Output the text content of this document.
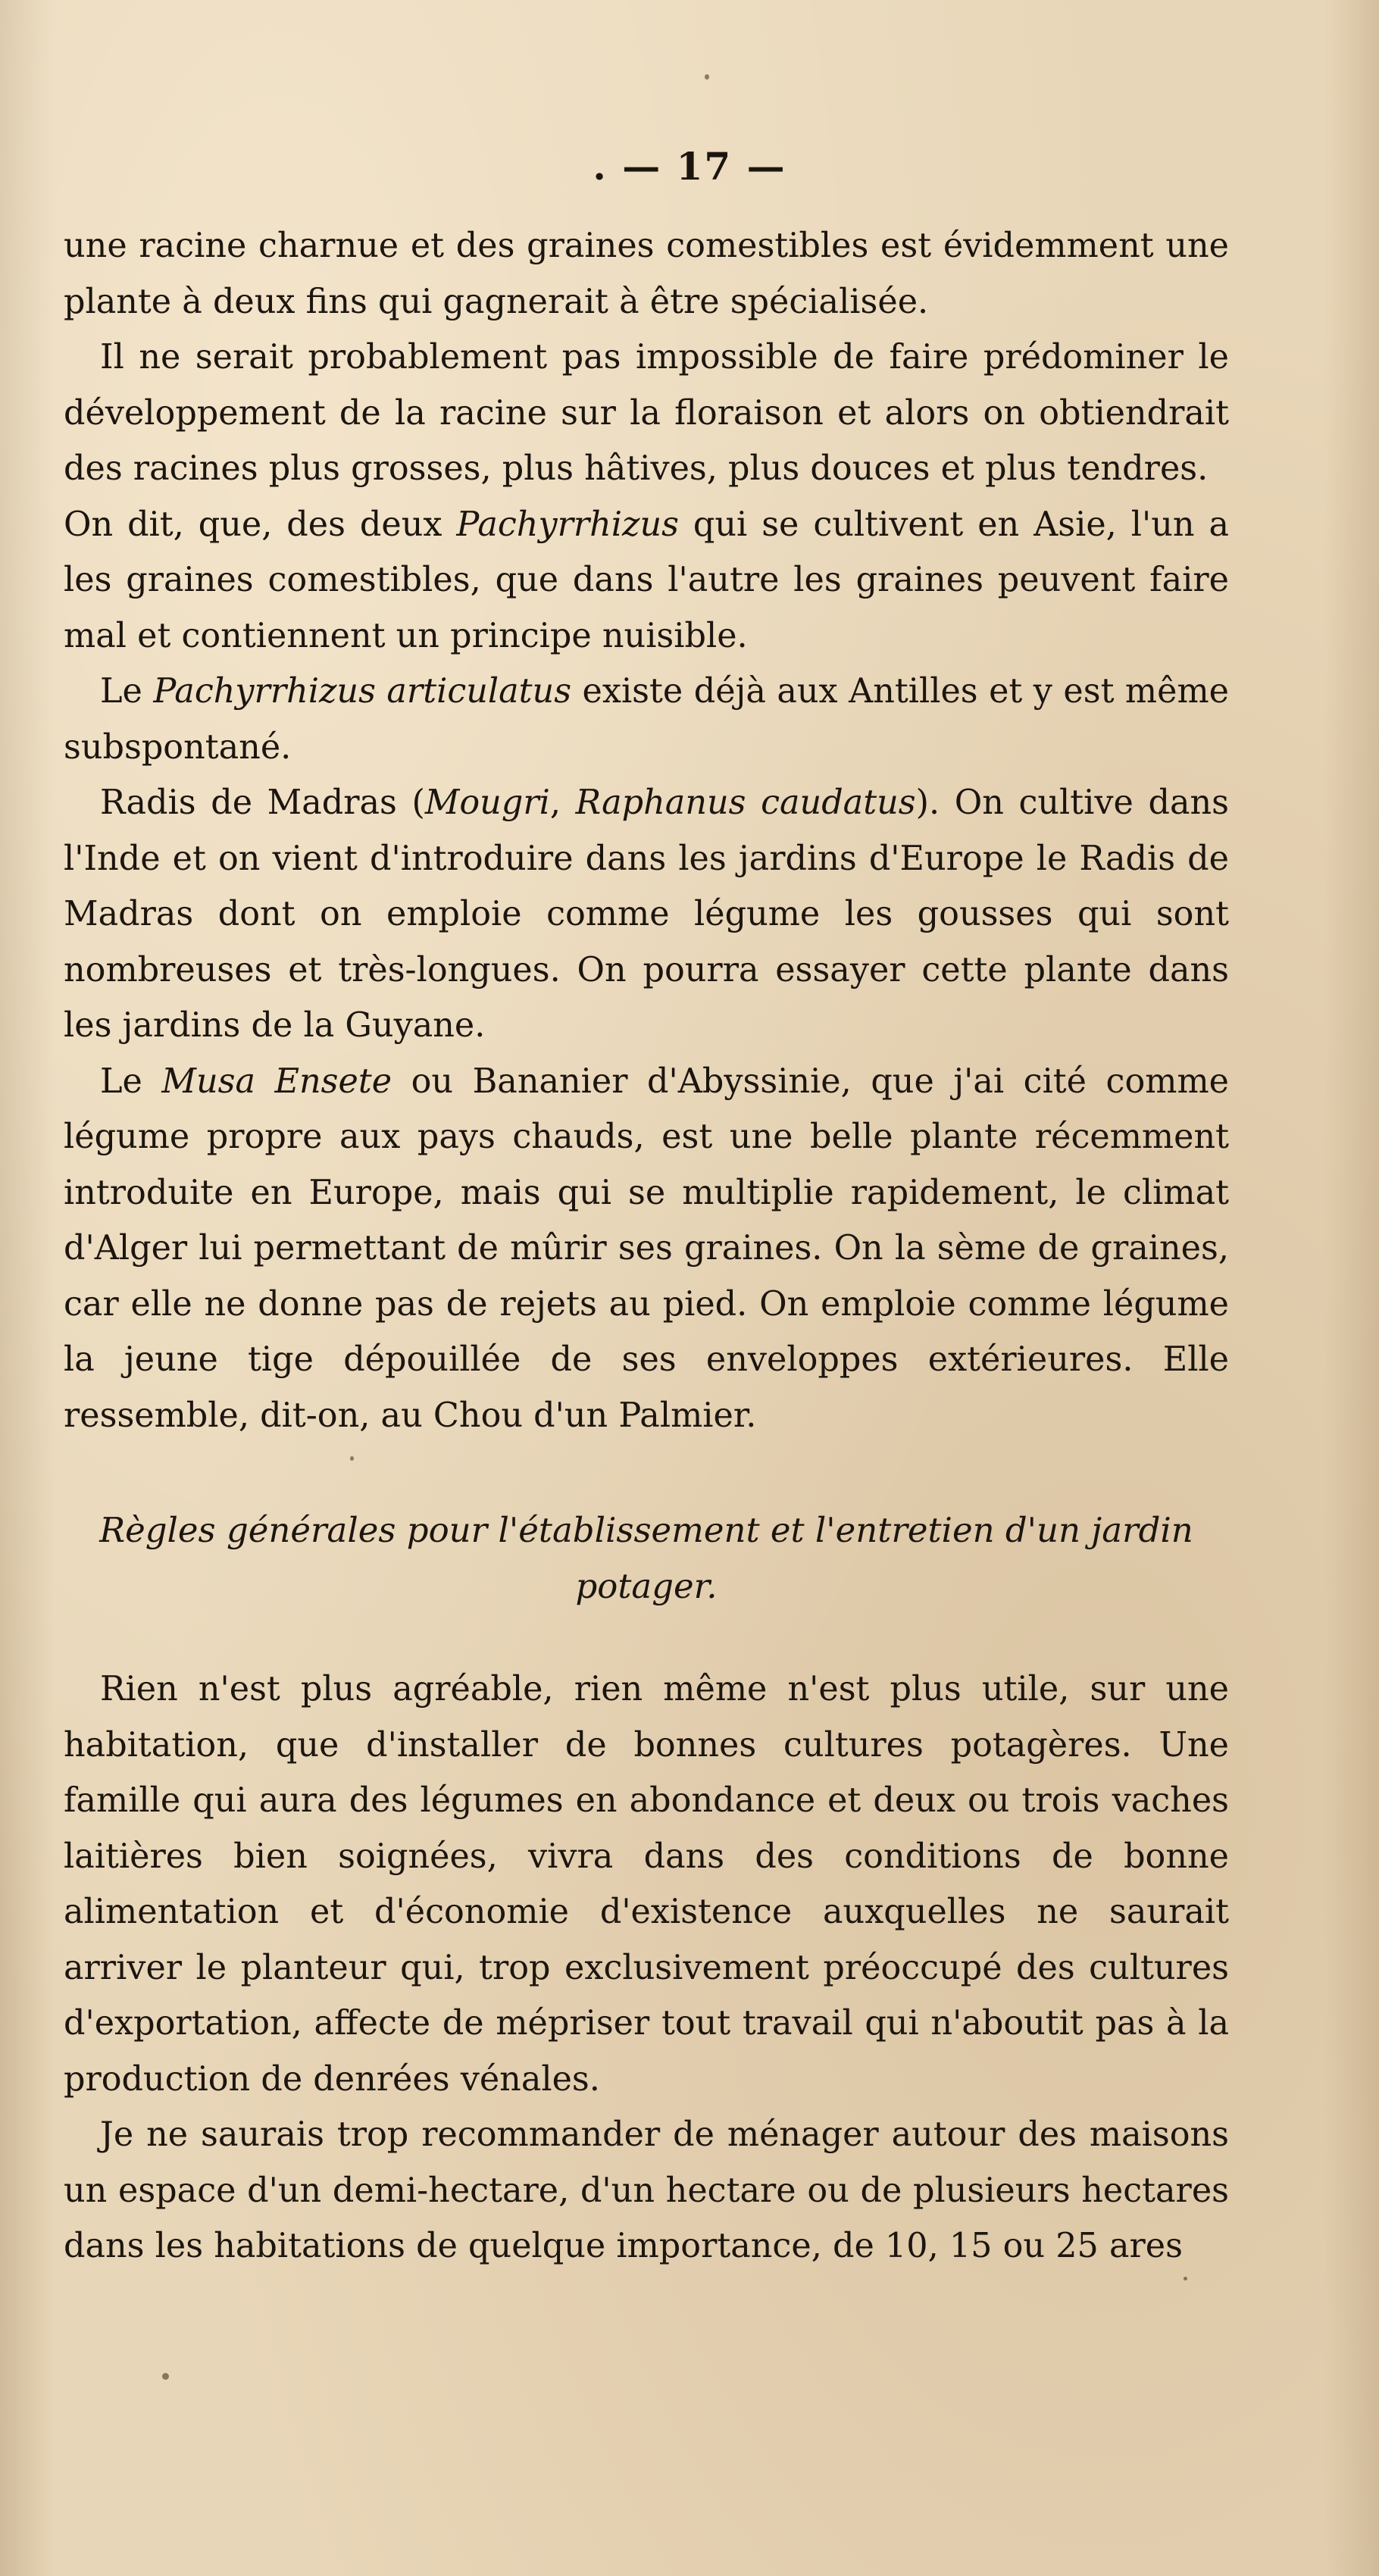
. — 17 —

une racine charnue et des graines comestibles est évidemment une plante à deux fins qui gagnerait à être spécialisée.

Il ne serait probablement pas impossible de faire prédominer le développement de la racine sur la floraison et alors on obtiendrait des racines plus grosses, plus hâtives, plus douces et plus tendres.

On dit, que, des deux Pachyrrhizus qui se cultivent en Asie, l'un a les graines comestibles, que dans l'autre les graines peuvent faire mal et contiennent un principe nuisible.

Le Pachyrrhizus articulatus existe déjà aux Antilles et y est même subspontané.

Radis de Madras (Mougri, Raphanus caudatus). On cultive dans l'Inde et on vient d'introduire dans les jardins d'Europe le Radis de Madras dont on emploie comme légume les gousses qui sont nombreuses et très-longues. On pourra essayer cette plante dans les jardins de la Guyane.

Le Musa Ensete ou Bananier d'Abyssinie, que j'ai cité comme légume propre aux pays chauds, est une belle plante récemment introduite en Europe, mais qui se multiplie rapidement, le climat d'Alger lui permettant de mûrir ses graines. On la sème de graines, car elle ne donne pas de rejets au pied. On emploie comme légume la jeune tige dépouillée de ses enveloppes extérieures. Elle ressemble, dit-on, au Chou d'un Palmier.

Règles générales pour l'établissement et l'entretien d'un jardin potager.

Rien n'est plus agréable, rien même n'est plus utile, sur une habitation, que d'installer de bonnes cultures potagères. Une famille qui aura des légumes en abondance et deux ou trois vaches laitières bien soignées, vivra dans des conditions de bonne alimentation et d'économie d'existence auxquelles ne saurait arriver le planteur qui, trop exclusivement préoccupé des cultures d'exportation, affecte de mépriser tout travail qui n'aboutit pas à la production de denrées vénales.

Je ne saurais trop recommander de ménager autour des maisons un espace d'un demi-hectare, d'un hectare ou de plusieurs hectares dans les habitations de quelque importance, de 10, 15 ou 25 ares
